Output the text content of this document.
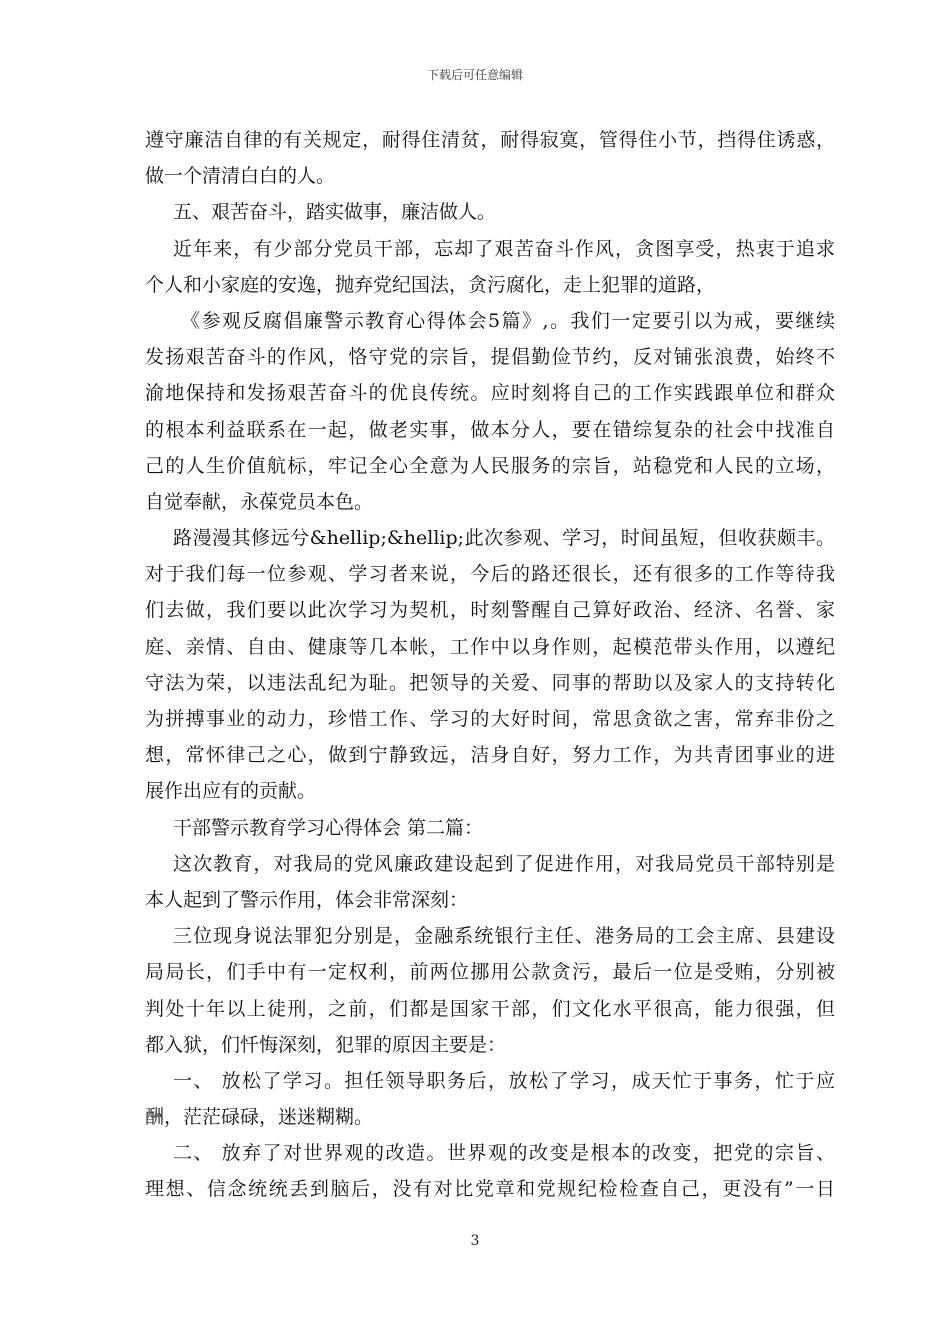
下载后可任意编辑
遵守廉洁自律的有关规定，耐得住清贫，耐得寂寞，管得住小节，挡得住诱惑，
做一个清清白白的人。
五、艰苦奋斗，踏实做事，廉洁做人。
近年来，有少部分党员干部，忘却了艰苦奋斗作风，贪图享受，热衷于追求
个人和小家庭的安逸，抛弃党纪国法，贪污腐化，走上犯罪的道路，
《参观反腐倡廉警示教育心得体会5篇》,。我们一定要引以为戒，要继续
发扬艰苦奋斗的作风，恪守党的宗旨，提倡勤俭节约，反对铺张浪费，始终不
渝地保持和发扬艰苦奋斗的优良传统。应时刻将自己的工作实践跟单位和群众
的根本利益联系在一起，做老实事，做本分人，要在错综复杂的社会中找准自
己的人生价值航标，牢记全心全意为人民服务的宗旨，站稳党和人民的立场，
自觉奉献，永葆党员本色。
路漫漫其修远兮&hellip;&hellip;此次参观、学习，时间虽短，但收获颇丰。
对于我们每一位参观、学习者来说，今后的路还很长，还有很多的工作等待我
们去做，我们要以此次学习为契机，时刻警醒自己算好政治、经济、名誉、家
庭、亲情、自由、健康等几本帐，工作中以身作则，起模范带头作用，以遵纪
守法为荣，以违法乱纪为耻。把领导的关爱、同事的帮助以及家人的支持转化
为拼搏事业的动力，珍惜工作、学习的大好时间，常思贪欲之害，常弃非份之
想，常怀律己之心，做到宁静致远，洁身自好，努力工作，为共青团事业的进
展作出应有的贡献。
干部警示教育学习心得体会 第二篇：
这次教育，对我局的党风廉政建设起到了促进作用，对我局党员干部特别是
本人起到了警示作用，体会非常深刻：
三位现身说法罪犯分别是，金融系统银行主任、港务局的工会主席、县建设
局局长，们手中有一定权利，前两位挪用公款贪污，最后一位是受贿，分别被
判处十年以上徒刑，之前，们都是国家干部，们文化水平很高，能力很强，但
都入狱，们忏悔深刻，犯罪的原因主要是：
一、 放松了学习。担任领导职务后，放松了学习，成天忙于事务，忙于应
酬，茫茫碌碌，迷迷糊糊。
二、 放弃了对世界观的改造。世界观的改变是根本的改变，把党的宗旨、
理想、信念统统丢到脑后，没有对比党章和党规纪检检查自己，更没有”一日
3
